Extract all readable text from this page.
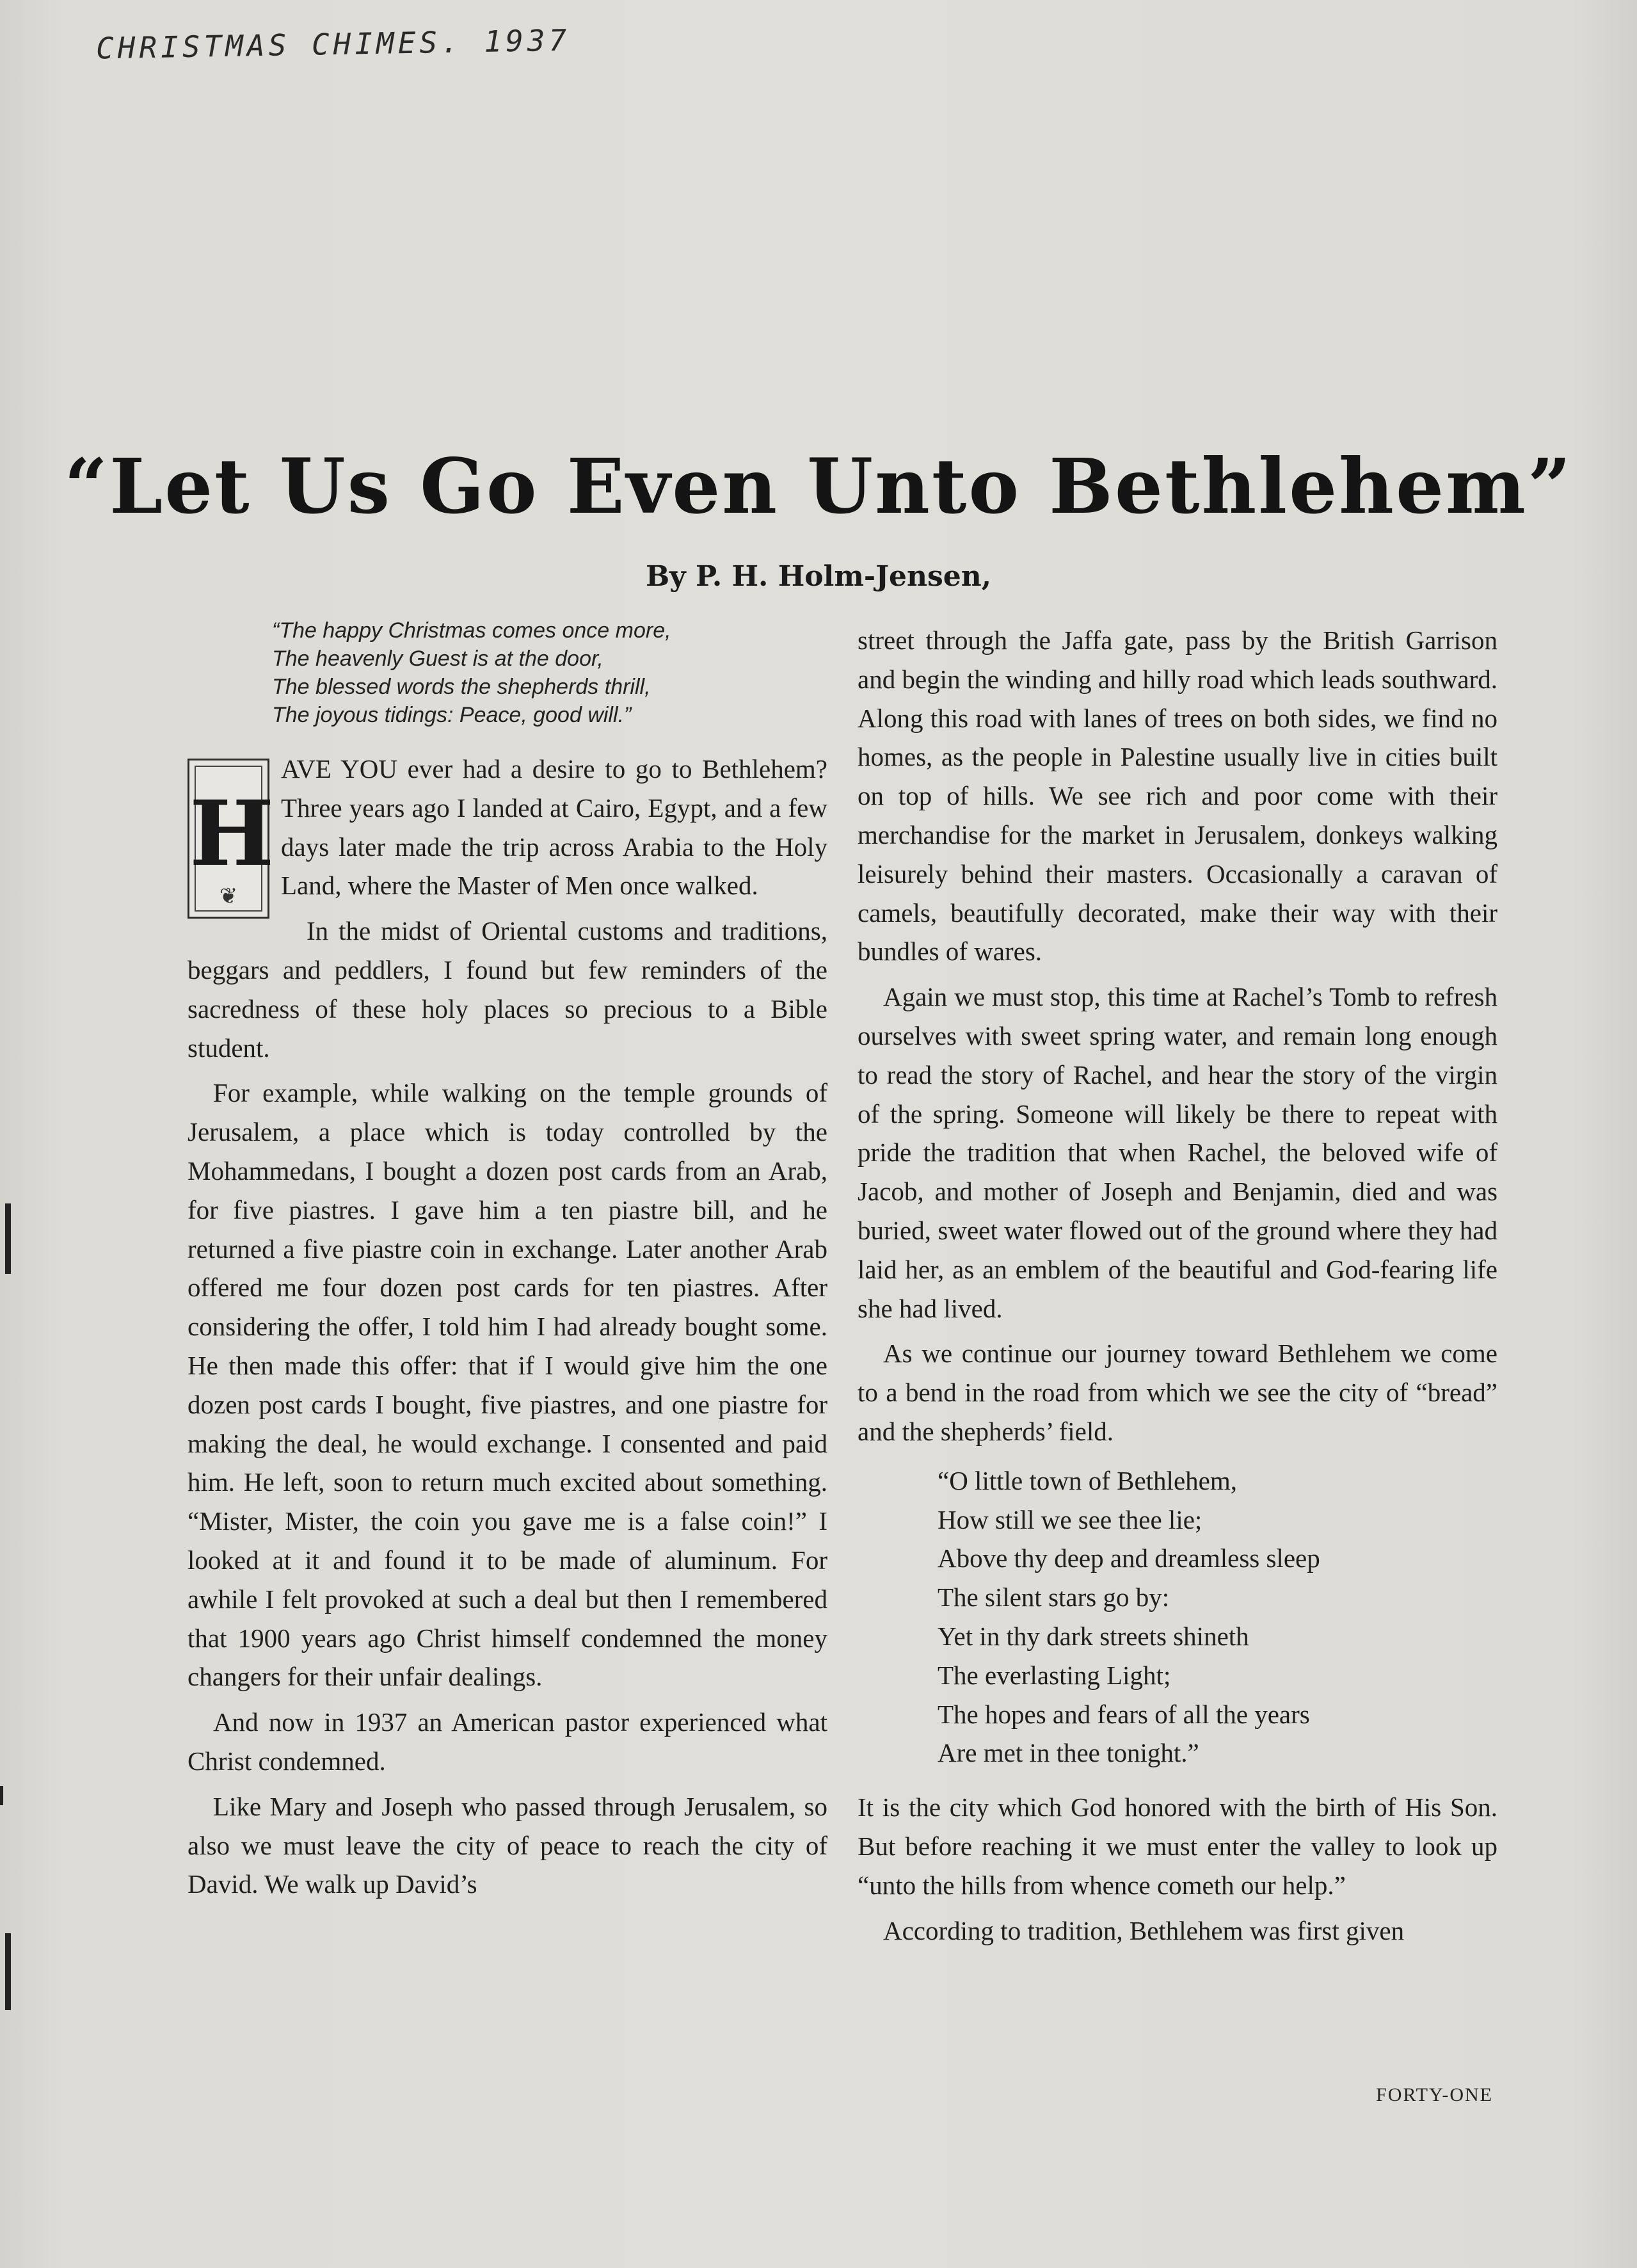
CHRISTMAS CHIMES. 1937
“Let Us Go Even Unto Bethlehem”
By P. H. Holm-Jensen,
“The happy Christmas comes once more,
The heavenly Guest is at the door,
The blessed words the shepherds thrill,
The joyous tidings: Peace, good will.”
H
❦

AVE YOU ever had a desire to go to Bethlehem? Three years ago I landed at Cairo, Egypt, and a few days later made the trip across Arabia to the Holy Land, where the Master of Men once walked.

In the midst of Oriental customs and traditions, beggars and peddlers, I found but few reminders of the sacredness of these holy places so precious to a Bible student.

For example, while walking on the temple grounds of Jerusalem, a place which is today controlled by the Mohammedans, I bought a dozen post cards from an Arab, for five piastres. I gave him a ten piastre bill, and he returned a five piastre coin in exchange. Later another Arab offered me four dozen post cards for ten piastres. After considering the offer, I told him I had already bought some. He then made this offer: that if I would give him the one dozen post cards I bought, five piastres, and one piastre for making the deal, he would exchange. I consented and paid him. He left, soon to return much excited about something. “Mister, Mister, the coin you gave me is a false coin!” I looked at it and found it to be made of aluminum. For awhile I felt provoked at such a deal but then I remembered that 1900 years ago Christ himself condemned the money changers for their unfair dealings.

And now in 1937 an American pastor experienced what Christ condemned.

Like Mary and Joseph who passed through Jerusalem, so also we must leave the city of peace to reach the city of David. We walk up David’s

street through the Jaffa gate, pass by the British Garrison and begin the winding and hilly road which leads southward. Along this road with lanes of trees on both sides, we find no homes, as the people in Palestine usually live in cities built on top of hills. We see rich and poor come with their merchandise for the market in Jerusalem, donkeys walking leisurely behind their masters. Occasionally a caravan of camels, beautifully decorated, make their way with their bundles of wares.

Again we must stop, this time at Rachel’s Tomb to refresh ourselves with sweet spring water, and remain long enough to read the story of Rachel, and hear the story of the virgin of the spring. Someone will likely be there to repeat with pride the tradition that when Rachel, the beloved wife of Jacob, and mother of Joseph and Benjamin, died and was buried, sweet water flowed out of the ground where they had laid her, as an emblem of the beautiful and God-fearing life she had lived.

As we continue our journey toward Bethlehem we come to a bend in the road from which we see the city of “bread” and the shepherds’ field.

“O little town of Bethlehem,
How still we see thee lie;
Above thy deep and dreamless sleep
The silent stars go by:
Yet in thy dark streets shineth
The everlasting Light;
The hopes and fears of all the years
Are met in thee tonight.”

It is the city which God honored with the birth of His Son. But before reaching it we must enter the valley to look up “unto the hills from whence cometh our help.”

According to tradition, Bethlehem was first given

FORTY-ONE
